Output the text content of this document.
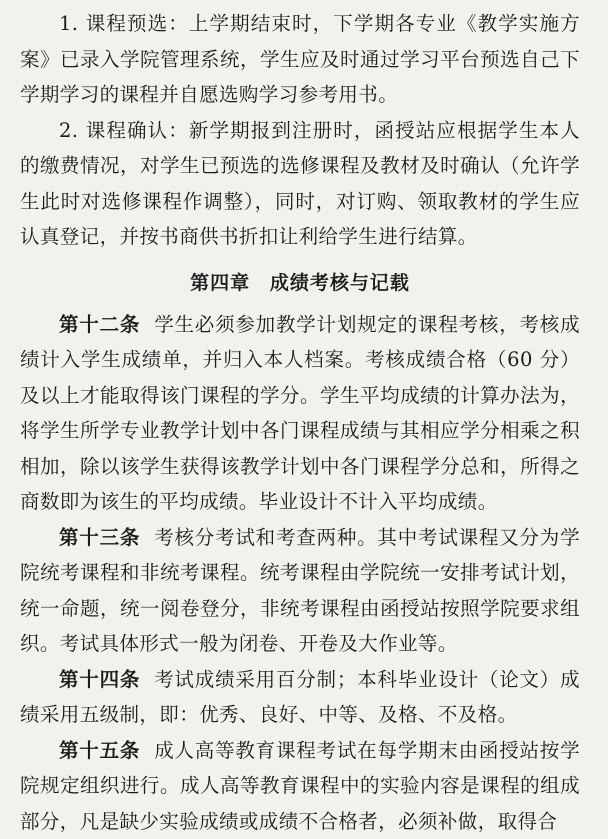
1. 课程预选：上学期结束时，下学期各专业《教学实施方案》已录入学院管理系统，学生应及时通过学习平台预选自己下学期学习的课程并自愿选购学习参考用书。

2. 课程确认：新学期报到注册时，函授站应根据学生本人的缴费情况，对学生已预选的选修课程及教材及时确认（允许学生此时对选修课程作调整），同时，对订购、领取教材的学生应认真登记，并按书商供书折扣让利给学生进行结算。

第四章 成绩考核与记载

第十二条 学生必须参加教学计划规定的课程考核，考核成绩计入学生成绩单，并归入本人档案。考核成绩合格（60 分）及以上才能取得该门课程的学分。学生平均成绩的计算办法为，将学生所学专业教学计划中各门课程成绩与其相应学分相乘之积相加，除以该学生获得该教学计划中各门课程学分总和，所得之商数即为该生的平均成绩。毕业设计不计入平均成绩。

第十三条 考核分考试和考查两种。其中考试课程又分为学院统考课程和非统考课程。统考课程由学院统一安排考试计划，统一命题，统一阅卷登分，非统考课程由函授站按照学院要求组织。考试具体形式一般为闭卷、开卷及大作业等。

第十四条 考试成绩采用百分制；本科毕业设计（论文）成绩采用五级制，即：优秀、良好、中等、及格、不及格。

第十五条 成人高等教育课程考试在每学期末由函授站按学院规定组织进行。成人高等教育课程中的实验内容是课程的组成部分，凡是缺少实验成绩或成绩不合格者，必须补做，取得合
